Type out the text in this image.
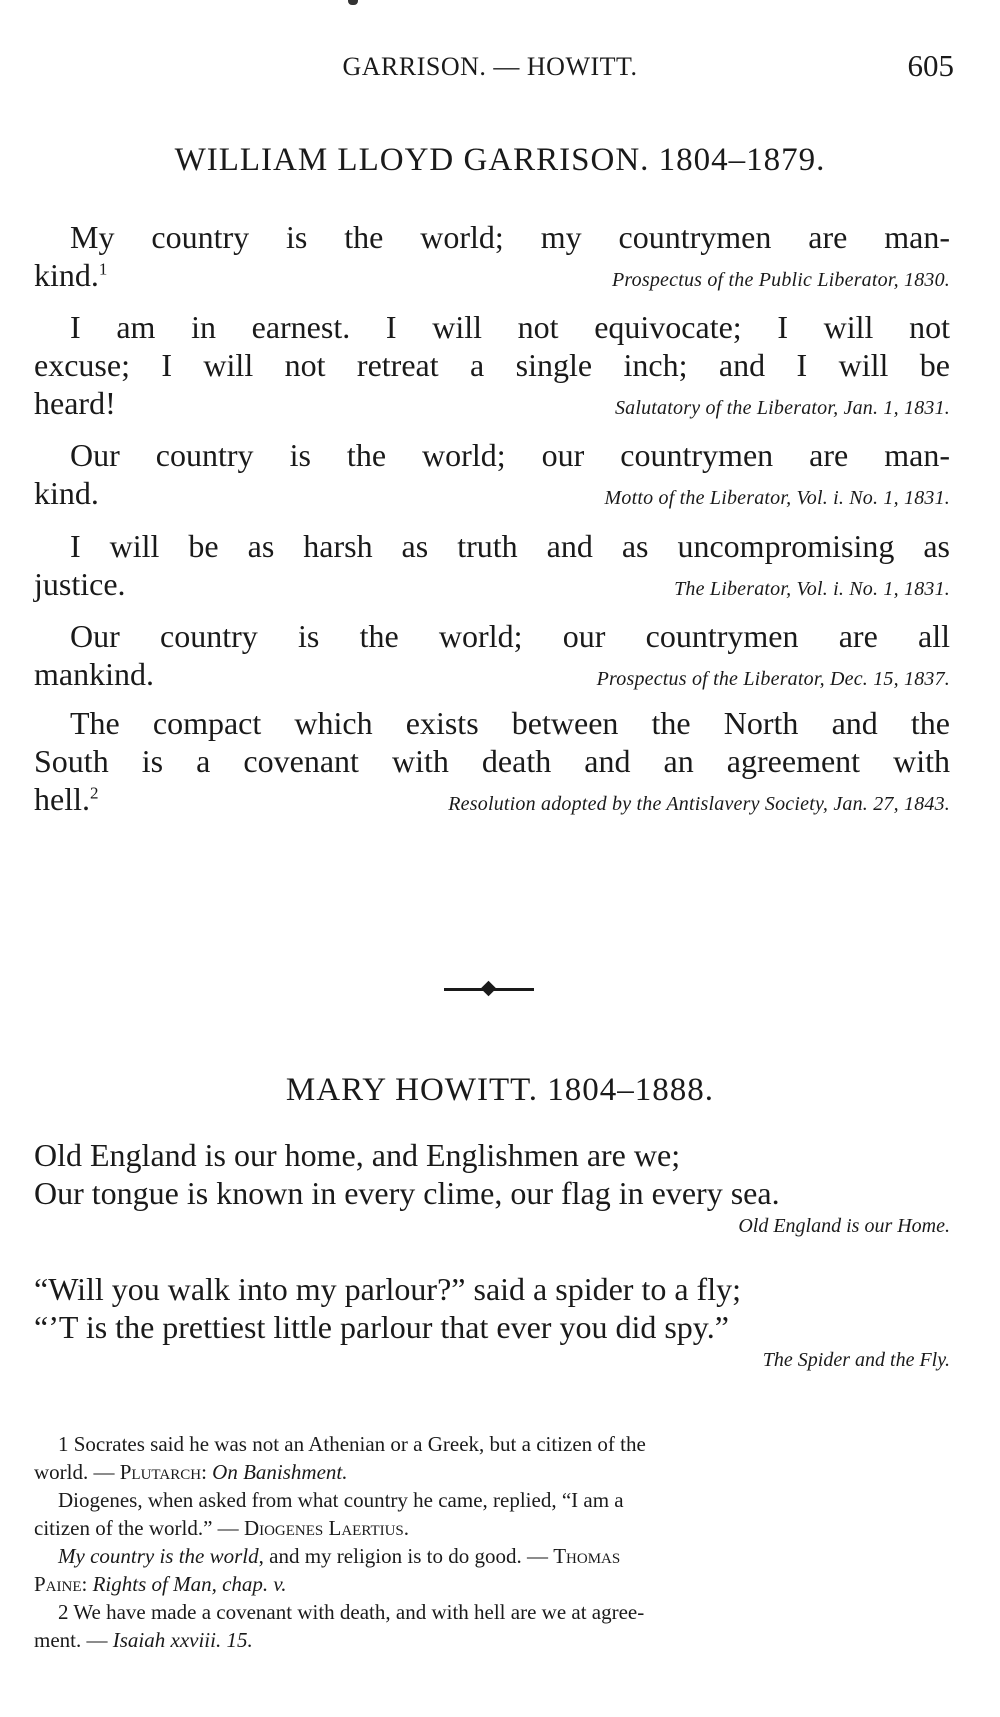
GARRISON. — HOWITT.	605
WILLIAM LLOYD GARRISON. 1804–1879.
My country is the world; my countrymen are man-
kind.$^1$
Prospectus of the Public Liberator, 1830.
I am in earnest. I will not equivocate; I will not
excuse; I will not retreat a single inch; and I will be
heard!	Salutatory of the Liberator, Jan. 1, 1831.
Our country is the world; our countrymen are man-
kind.	Motto of the Liberator, Vol. i. No. 1, 1831.
I will be as harsh as truth and as uncompromising as
justice.	The Liberator, Vol. i. No. 1, 1831.
Our country is the world; our countrymen are all
mankind.	Prospectus of the Liberator, Dec. 15, 1837.
The compact which exists between the North and the
South is a covenant with death and an agreement with
hell.$^2$
Resolution adopted by the Antislavery Society, Jan. 27, 1843.
MARY HOWITT. 1804–1888.
Old England is our home, and Englishmen are we;
Our tongue is known in every clime, our flag in every sea.
Old England is our Home.
“Will you walk into my parlour?” said a spider to a fly;
“’T is the prettiest little parlour that ever you did spy.”
The Spider and the Fly.
1 Socrates said he was not an Athenian or a Greek, but a citizen of the
world. — Plutarch: On Banishment.
Diogenes, when asked from what country he came, replied, “I am a
citizen of the world.” — Diogenes Laertius.
My country is the world, and my religion is to do good. — Thomas
Paine: Rights of Man, chap. v.
2 We have made a covenant with death, and with hell are we at agree-
ment. — Isaiah xxviii. 15.
